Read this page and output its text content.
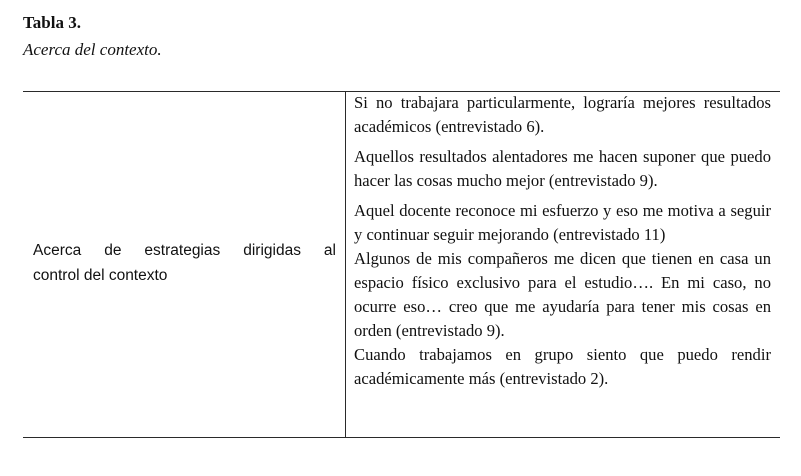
Tabla 3.
Acerca del contexto.
Acerca de estrategias dirigidas al
control del contexto

Si no trabajara particularmente, lograría mejores resultados académicos (entrevistado 6).

Aquellos resultados alentadores me hacen suponer que puedo hacer las cosas mucho mejor (entrevistado 9).

Aquel docente reconoce mi esfuerzo y eso me motiva a seguir y continuar seguir mejorando (entrevistado 11)

Algunos de mis compañeros me dicen que tienen en casa un espacio físico exclusivo para el estudio…. En mi caso, no ocurre eso… creo que me ayudaría para tener mis cosas en orden (entrevistado 9).

Cuando trabajamos en grupo siento que puedo rendir académicamente más (entrevistado 2).
